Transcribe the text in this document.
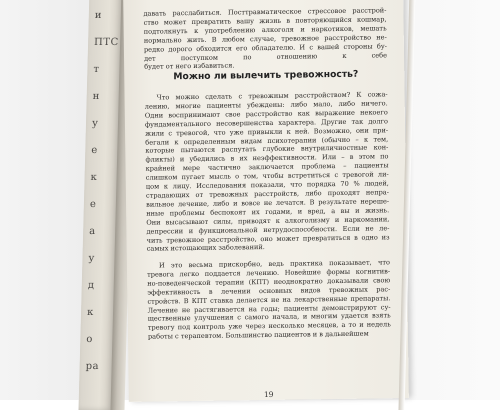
и
ПТС
т
н
у
е
к
е
а
у
д
к
о
ра
давать расслабиться. Посттравматическое стрессовое расстрой-
ство может превратить вашу жизнь в повторяющийся кошмар,
подтолкнуть к употреблению алкоголя и наркотиков, мешать
нормально жить. В любом случае, тревожное расстройство не-
редко дорого обходится его обладателю. И с вашей стороны бу-
дет поступком по отношению к себе
будет от него избавиться.
Можно ли вылечить тревожность?
Что можно сделать с тревожным расстройством? К сожа-
лению, многие пациенты убеждены: либо мало, либо ничего.
Одни воспринимают свое расстройство как выражение некоего
фундаментального несовершенства характера. Другие так долго
жили с тревогой, что уже привыкли к ней. Возможно, они при-
бегали к определенным видам психотерапии (обычно – к тем,
которые пытаются распутать глубокие внутриличностные кон-
фликты) и убедились в их неэффективности. Или – в этом по
крайней мере частично заключается проблема – пациенты
слишком пугает мысль о том, чтобы встретиться с тревогой ли-
цом к лицу. Исследования показали, что порядка 70 % людей,
страдающих от тревожных расстройств, либо проходят непра-
вильное лечение, либо и вовсе не лечатся. В результате нереше-
нные проблемы беспокоят их годами, и вред, а вы и жизнь.
Они высасывают силы, приводят к алкоголизму и наркомании,
депрессии и функциональной нетрудоспособности. Если не ле-
чить тревожное расстройство, оно может превратиться в одно из
самых истощающих заболеваний.
И это весьма прискорбно, ведь практика показывает, что
тревога легко поддается лечению. Новейшие формы когнитив-
но-поведенческой терапии (КПТ) неоднократно доказывали свою
эффективность в лечении основных видов тревожных рас-
стройств. В КПТ ставка делается не на лекарственные препараты.
Лечение не растягивается на годы; пациенты демонстрируют су-
щественные улучшения с самого начала, и многим удается взять
тревогу под контроль уже через несколько месяцев, а то и недель
работы с терапевтом. Большинство пациентов и в дальнейшем
19
